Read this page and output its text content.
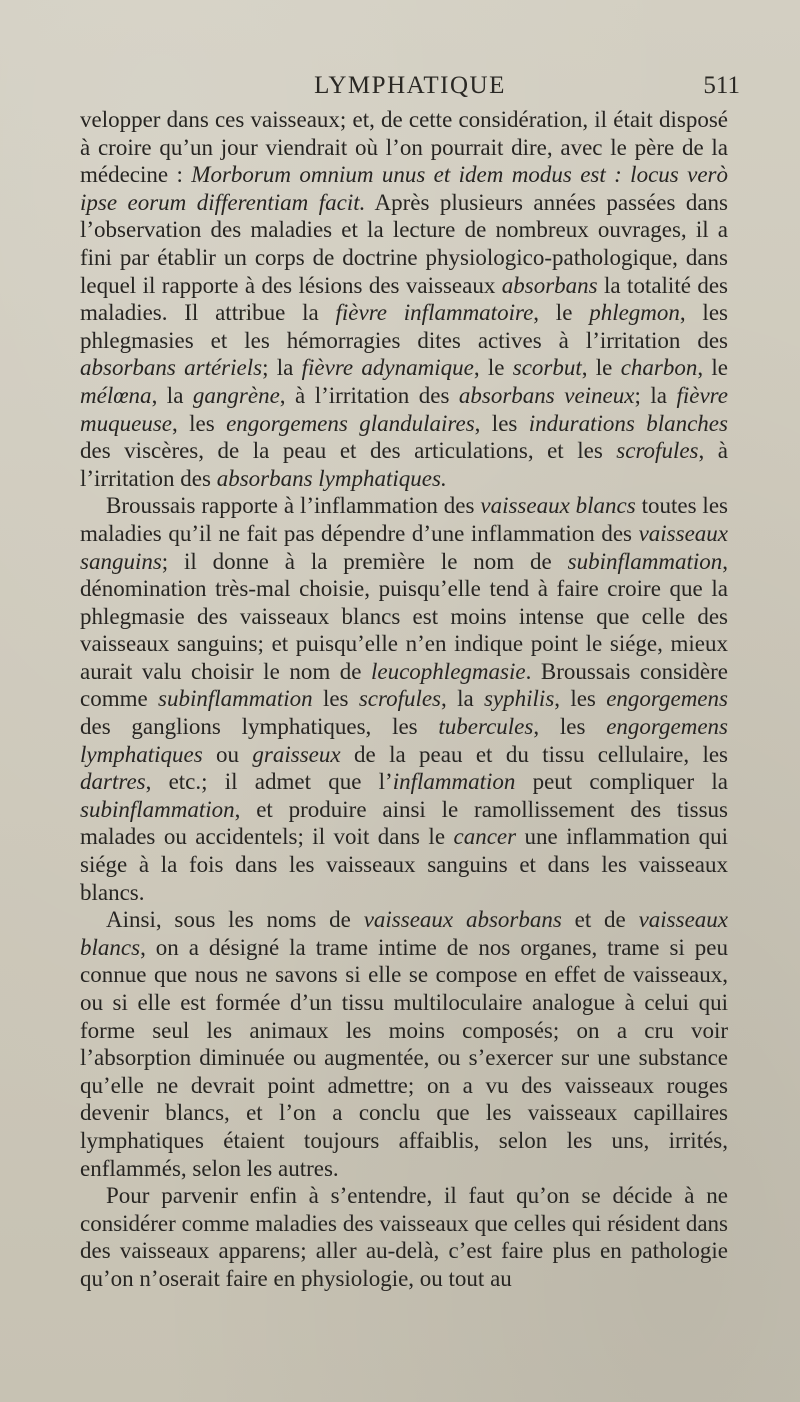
LYMPHATIQUE	511

velopper dans ces vaisseaux; et, de cette considération, il était disposé à croire qu’un jour viendrait où l’on pourrait dire, avec le père de la médecine : Morborum omnium unus et idem modus est : locus verò ipse eorum differentiam facit. Après plusieurs années passées dans l’observation des maladies et la lecture de nombreux ouvrages, il a fini par établir un corps de doctrine physiologico-pathologique, dans lequel il rapporte à des lésions des vaisseaux absorbans la totalité des maladies. Il attribue la fièvre inflammatoire, le phlegmon, les phlegmasies et les hémorragies dites actives à l’irritation des absorbans artériels; la fièvre adynamique, le scorbut, le charbon, le mélœna, la gangrène, à l’irritation des absorbans veineux; la fièvre muqueuse, les engorgemens glandulaires, les indurations blanches des viscères, de la peau et des articulations, et les scrofules, à l’irritation des absorbans lymphatiques.

Broussais rapporte à l’inflammation des vaisseaux blancs toutes les maladies qu’il ne fait pas dépendre d’une inflammation des vaisseaux sanguins; il donne à la première le nom de subinflammation, dénomination très-mal choisie, puisqu’elle tend à faire croire que la phlegmasie des vaisseaux blancs est moins intense que celle des vaisseaux sanguins; et puisqu’elle n’en indique point le siége, mieux aurait valu choisir le nom de leucophlegmasie. Broussais considère comme subinflammation les scrofules, la syphilis, les engorgemens des ganglions lymphatiques, les tubercules, les engorgemens lymphatiques ou graisseux de la peau et du tissu cellulaire, les dartres, etc.; il admet que l’inflammation peut compliquer la subinflammation, et produire ainsi le ramollissement des tissus malades ou accidentels; il voit dans le cancer une inflammation qui siége à la fois dans les vaisseaux sanguins et dans les vaisseaux blancs.

Ainsi, sous les noms de vaisseaux absorbans et de vaisseaux blancs, on a désigné la trame intime de nos organes, trame si peu connue que nous ne savons si elle se compose en effet de vaisseaux, ou si elle est formée d’un tissu multiloculaire analogue à celui qui forme seul les animaux les moins composés; on a cru voir l’absorption diminuée ou augmentée, ou s’exercer sur une substance qu’elle ne devrait point admettre; on a vu des vaisseaux rouges devenir blancs, et l’on a conclu que les vaisseaux capillaires lymphatiques étaient toujours affaiblis, selon les uns, irrités, enflammés, selon les autres.

Pour parvenir enfin à s’entendre, il faut qu’on se décide à ne considérer comme maladies des vaisseaux que celles qui résident dans des vaisseaux apparens; aller au-delà, c’est faire plus en pathologie qu’on n’oserait faire en physiologie, ou tout au
